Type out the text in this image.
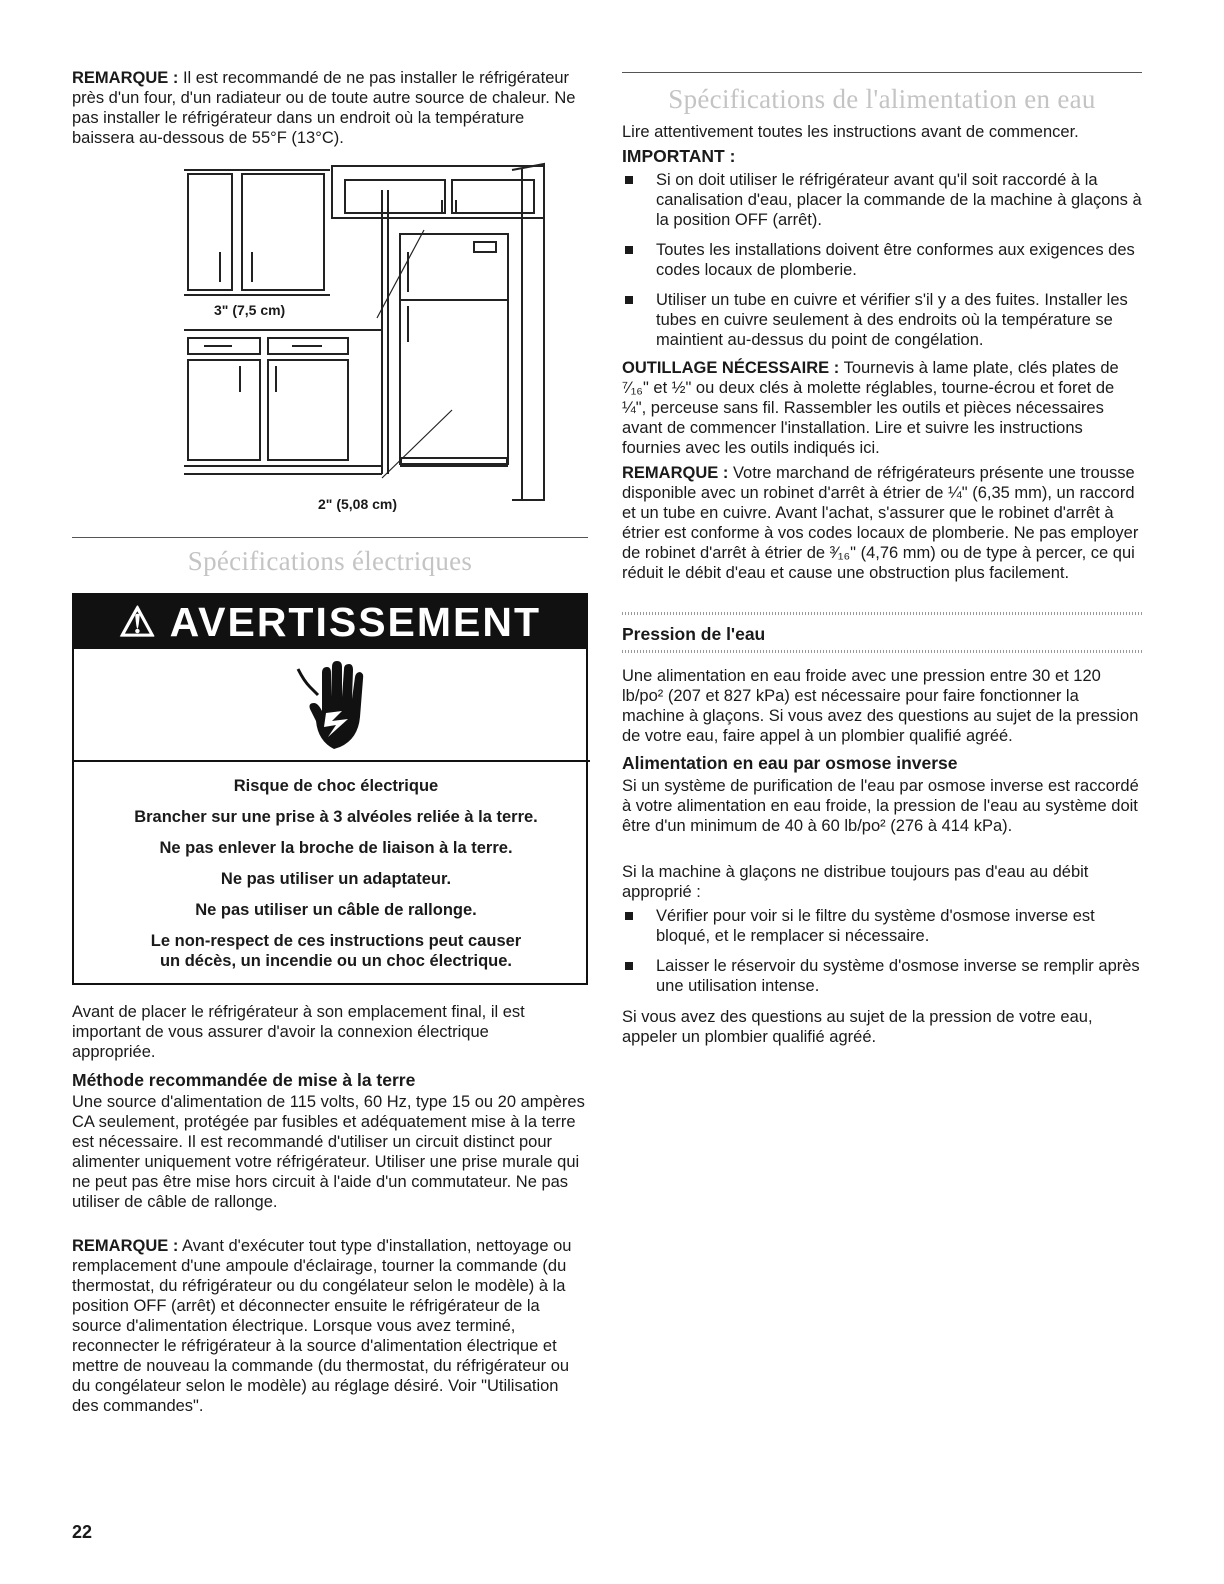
REMARQUE : Il est recommandé de ne pas installer le réfrigérateur près d'un four, d'un radiateur ou de toute autre source de chaleur. Ne pas installer le réfrigérateur dans un endroit où la température baissera au-dessous de 55°F (13°C).

3" (7,5 cm)
2" (5,08 cm)
Spécifications électriques
⚠ AVERTISSEMENT
Risque de choc électrique
Brancher sur une prise à 3 alvéoles reliée à la terre.
Ne pas enlever la broche de liaison à la terre.
Ne pas utiliser un adaptateur.
Ne pas utiliser un câble de rallonge.
Le non-respect de ces instructions peut causer
un décès, un incendie ou un choc électrique.

Avant de placer le réfrigérateur à son emplacement final, il est important de vous assurer d'avoir la connexion électrique appropriée.

Méthode recommandée de mise à la terre

Une source d'alimentation de 115 volts, 60 Hz, type 15 ou 20 ampères CA seulement, protégée par fusibles et adéquatement mise à la terre est nécessaire. Il est recommandé d'utiliser un circuit distinct pour alimenter uniquement votre réfrigérateur. Utiliser une prise murale qui ne peut pas être mise hors circuit à l'aide d'un commutateur. Ne pas utiliser de câble de rallonge.

REMARQUE : Avant d'exécuter tout type d'installation, nettoyage ou remplacement d'une ampoule d'éclairage, tourner la commande (du thermostat, du réfrigérateur ou du congélateur selon le modèle) à la position OFF (arrêt) et déconnecter ensuite le réfrigérateur de la source d'alimentation électrique. Lorsque vous avez terminé, reconnecter le réfrigérateur à la source d'alimentation électrique et mettre de nouveau la commande (du thermostat, du réfrigérateur ou du congélateur selon le modèle) au réglage désiré. Voir "Utilisation des commandes".

Spécifications de l'alimentation en eau

Lire attentivement toutes les instructions avant de commencer.

IMPORTANT :
Si on doit utiliser le réfrigérateur avant qu'il soit raccordé à la canalisation d'eau, placer la commande de la machine à glaçons à la position OFF (arrêt).
Toutes les installations doivent être conformes aux exigences des codes locaux de plomberie.
Utiliser un tube en cuivre et vérifier s'il y a des fuites. Installer les tubes en cuivre seulement à des endroits où la température se maintient au-dessus du point de congélation.

OUTILLAGE NÉCESSAIRE : Tournevis à lame plate, clés plates de ⁷⁄₁₆" et ½" ou deux clés à molette réglables, tourne-écrou et foret de ¼", perceuse sans fil. Rassembler les outils et pièces nécessaires avant de commencer l'installation. Lire et suivre les instructions fournies avec les outils indiqués ici.

REMARQUE : Votre marchand de réfrigérateurs présente une trousse disponible avec un robinet d'arrêt à étrier de ¼" (6,35 mm), un raccord et un tube en cuivre. Avant l'achat, s'assurer que le robinet d'arrêt à étrier est conforme à vos codes locaux de plomberie. Ne pas employer de robinet d'arrêt à étrier de ³⁄₁₆" (4,76 mm) ou de type à percer, ce qui réduit le débit d'eau et cause une obstruction plus facilement.

Pression de l'eau

Une alimentation en eau froide avec une pression entre 30 et 120 lb/po² (207 et 827 kPa) est nécessaire pour faire fonctionner la machine à glaçons. Si vous avez des questions au sujet de la pression de votre eau, faire appel à un plombier qualifié agréé.

Alimentation en eau par osmose inverse

Si un système de purification de l'eau par osmose inverse est raccordé à votre alimentation en eau froide, la pression de l'eau au système doit être d'un minimum de 40 à 60 lb/po² (276 à 414 kPa).

Si la machine à glaçons ne distribue toujours pas d'eau au débit approprié :

Vérifier pour voir si le filtre du système d'osmose inverse est bloqué, et le remplacer si nécessaire.
Laisser le réservoir du système d'osmose inverse se remplir après une utilisation intense.

Si vous avez des questions au sujet de la pression de votre eau, appeler un plombier qualifié agréé.

22
